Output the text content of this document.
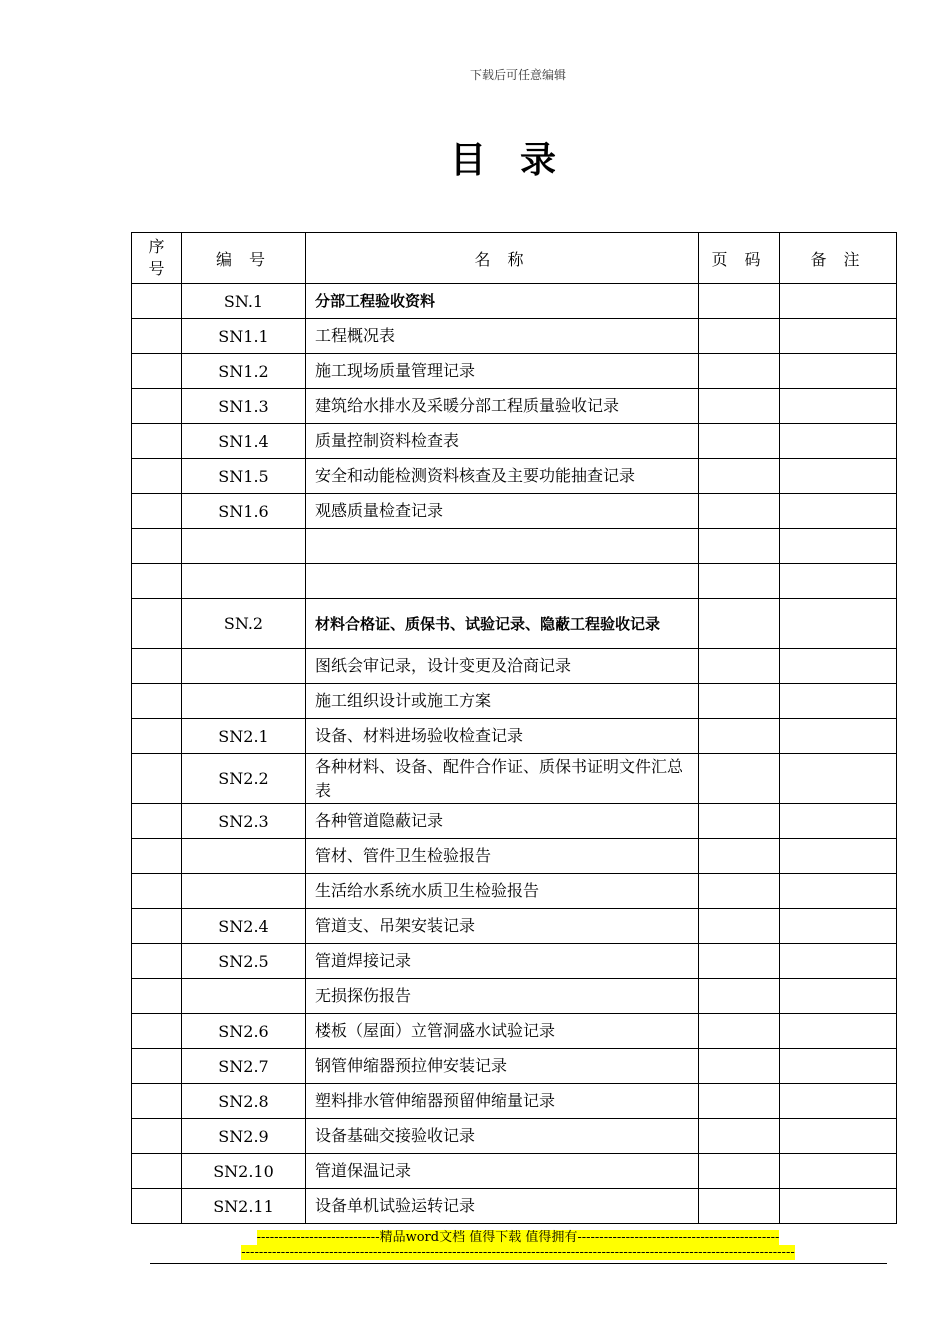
下载后可任意编辑
目录
序号	编 号	名 称	页 码	备 注
	SN.1	分部工程验收资料		
	SN1.1	工程概况表		
	SN1.2	施工现场质量管理记录		
	SN1.3	建筑给水排水及采暖分部工程质量验收记录		
	SN1.4	质量控制资料检查表		
	SN1.5	安全和动能检测资料核查及主要功能抽查记录		
	SN1.6	观感质量检查记录		

	SN.2	材料合格证、质保书、试验记录、隐蔽工程验收记录		
		图纸会审记录，设计变更及洽商记录		
		施工组织设计或施工方案		
	SN2.1	设备、材料进场验收检查记录		
	SN2.2	各种材料、设备、配件合作证、质保书证明文件汇总表		
	SN2.3	各种管道隐蔽记录		
		管材、管件卫生检验报告		
		生活给水系统水质卫生检验报告		
	SN2.4	管道支、吊架安装记录		
	SN2.5	管道焊接记录		
		无损探伤报告		
	SN2.6	楼板（屋面）立管洞盛水试验记录		
	SN2.7	钢管伸缩器预拉伸安装记录		
	SN2.8	塑料排水管伸缩器预留伸缩量记录		
	SN2.9	设备基础交接验收记录		
	SN2.10	管道保温记录		
	SN2.11	设备单机试验运转记录		
----------------------------精品word文档 值得下载 值得拥有----------------------------------------------
------------------------------------------------------------------------------------------------------------------------------
